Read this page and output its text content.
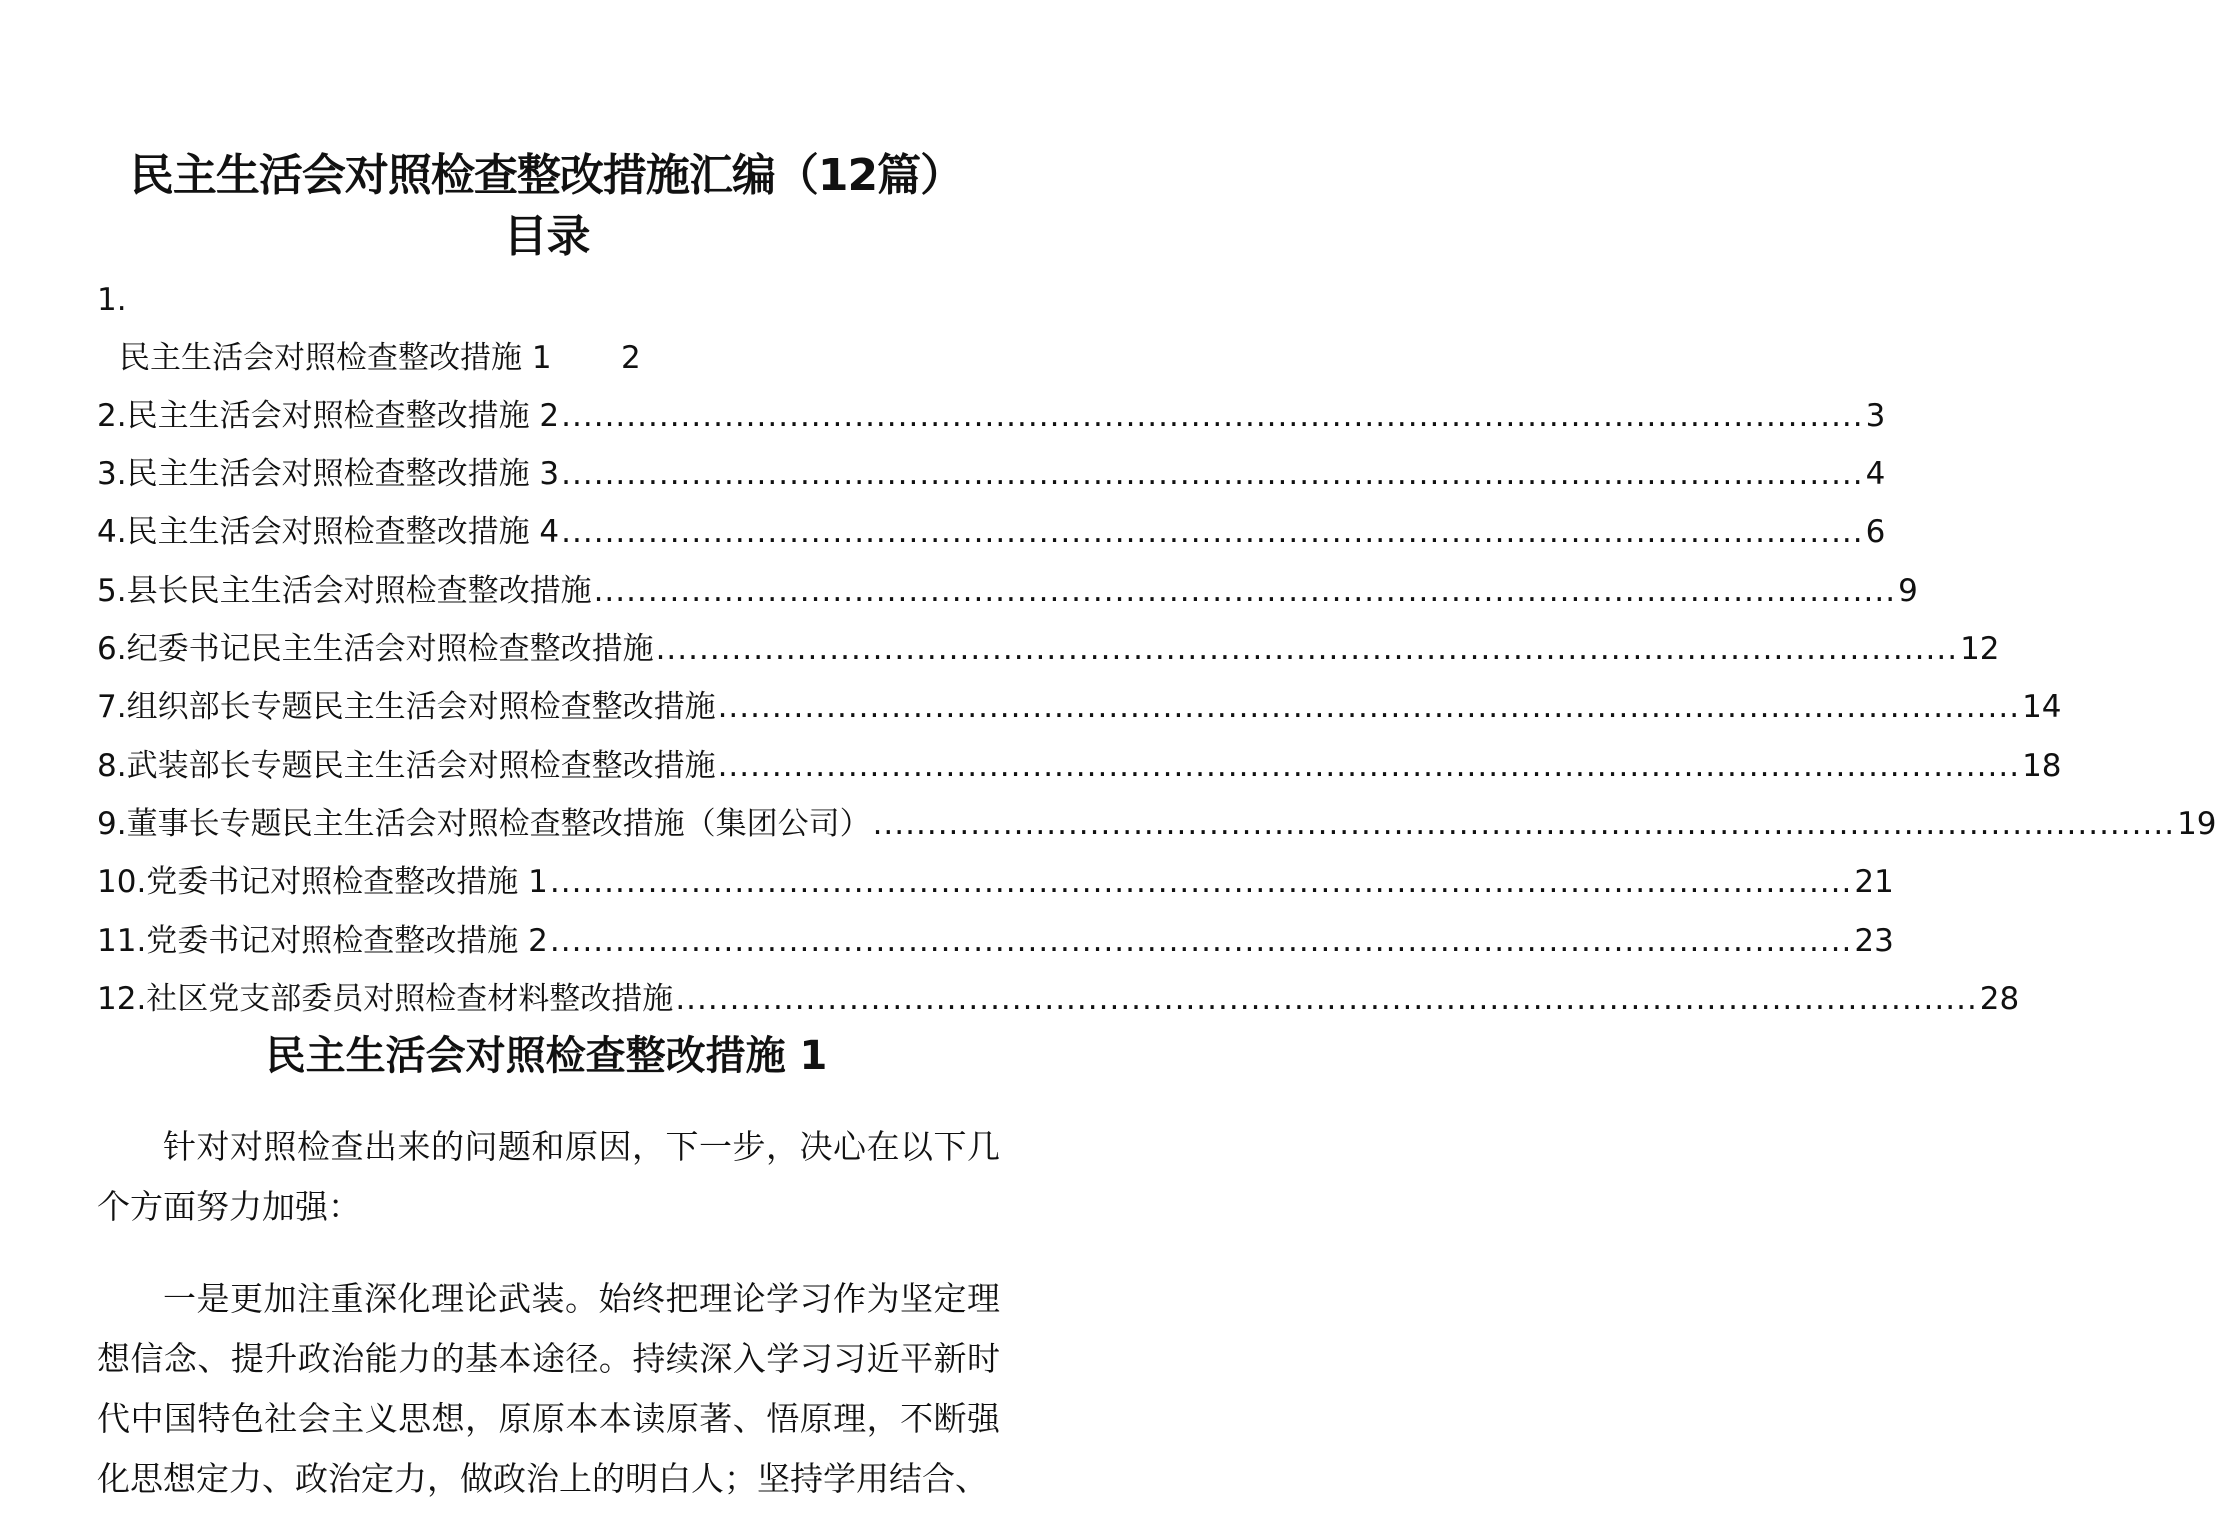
民主生活会对照检查整改措施汇编（12篇）
目录
1.
民主生活会对照检查整改措施 1 2
2.民主生活会对照检查整改措施 2 ........................................................................................................................ 3
3.民主生活会对照检查整改措施 3 ........................................................................................................................ 4
4.民主生活会对照检查整改措施 4 ........................................................................................................................ 6
5.县长民主生活会对照检查整改措施 ........................................................................................................................ 9
6.纪委书记民主生活会对照检查整改措施 ........................................................................................................................ 12
7.组织部长专题民主生活会对照检查整改措施 ........................................................................................................................ 14
8.武装部长专题民主生活会对照检查整改措施 ........................................................................................................................ 18
9.董事长专题民主生活会对照检查整改措施（集团公司） ........................................................................................................................ 19
10.党委书记对照检查整改措施 1 ........................................................................................................................ 21
11.党委书记对照检查整改措施 2 ........................................................................................................................ 23
12.社区党支部委员对照检查材料整改措施 ........................................................................................................................ 28
民主生活会对照检查整改措施 1

针对对照检查出来的问题和原因，下一步，决心在以下几个方面努力加强：

一是更加注重深化理论武装。始终把理论学习作为坚定理想信念、提升政治能力的基本途径。持续深入学习习近平新时代中国特色社会主义思想，原原本本读原著、悟原理，不断强化思想定力、政治定力，做政治上的明白人；坚持学用结合、
